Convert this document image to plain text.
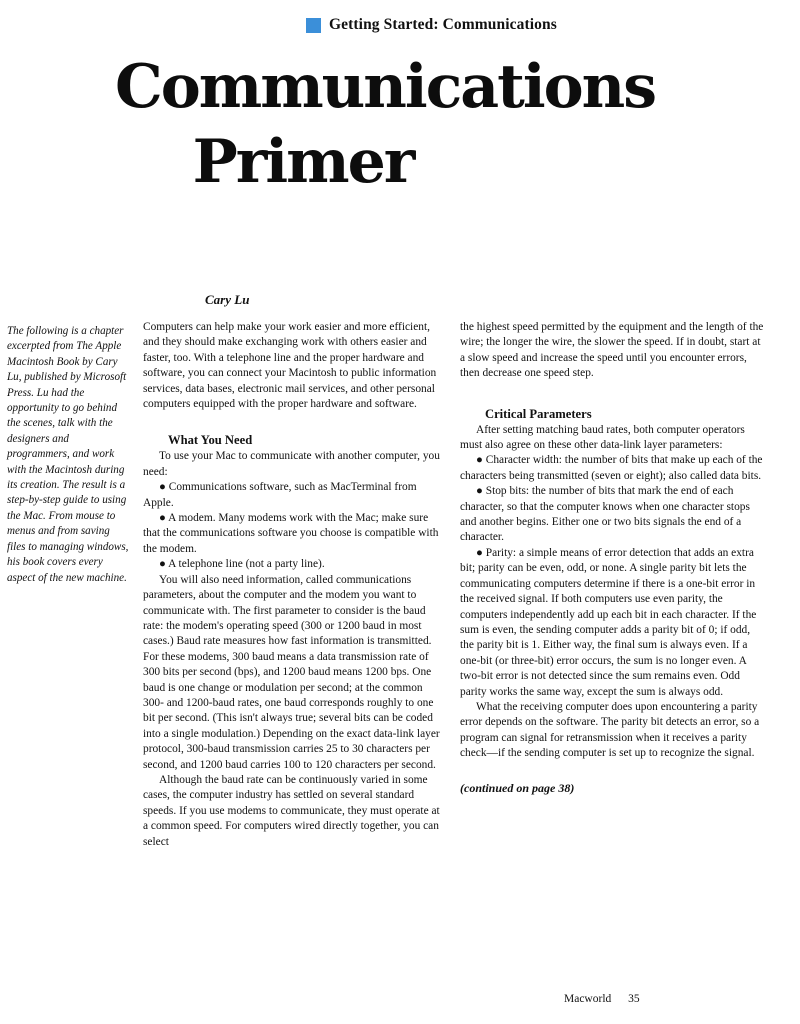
Getting Started: Communications
Communications
Primer
Cary Lu
The following is a chapter excerpted from The Apple Macintosh Book by Cary Lu, published by Microsoft Press. Lu had the opportunity to go behind the scenes, talk with the designers and programmers, and work with the Macintosh during its creation. The result is a step-by-step guide to using the Mac. From mouse to menus and from saving files to managing windows, his book covers every aspect of the new machine.

Computers can help make your work easier and more efficient, and they should make exchanging work with others easier and faster, too. With a telephone line and the proper hardware and software, you can connect your Macintosh to public information services, data bases, electronic mail services, and other personal computers equipped with the proper hardware and software.

What You Need

To use your Mac to communicate with another computer, you need:

● Communications software, such as MacTerminal from Apple.

● A modem. Many modems work with the Mac; make sure that the communications software you choose is compatible with the modem.

● A telephone line (not a party line).

You will also need information, called communications parameters, about the computer and the modem you want to communicate with. The first parameter to consider is the baud rate: the modem's operating speed (300 or 1200 baud in most cases.) Baud rate measures how fast information is transmitted. For these modems, 300 baud means a data transmission rate of 300 bits per second (bps), and 1200 baud means 1200 bps. One baud is one change or modulation per second; at the common 300- and 1200-baud rates, one baud corresponds roughly to one bit per second. (This isn't always true; several bits can be coded into a single modulation.) Depending on the exact data-link layer protocol, 300-baud transmission carries 25 to 30 characters per second, and 1200 baud carries 100 to 120 characters per second.

Although the baud rate can be continuously varied in some cases, the computer industry has settled on several standard speeds. If you use modems to communicate, they must operate at a common speed. For computers wired directly together, you can select

the highest speed permitted by the equipment and the length of the wire; the longer the wire, the slower the speed. If in doubt, start at a slow speed and increase the speed until you encounter errors, then decrease one speed step.

Critical Parameters

After setting matching baud rates, both computer operators must also agree on these other data-link layer parameters:

● Character width: the number of bits that make up each of the characters being transmitted (seven or eight); also called data bits.

● Stop bits: the number of bits that mark the end of each character, so that the computer knows when one character stops and another begins. Either one or two bits signals the end of a character.

● Parity: a simple means of error detection that adds an extra bit; parity can be even, odd, or none. A single parity bit lets the communicating computers determine if there is a one-bit error in the received signal. If both computers use even parity, the computers independently add up each bit in each character. If the sum is even, the sending computer adds a parity bit of 0; if odd, the parity bit is 1. Either way, the final sum is always even. If a one-bit (or three-bit) error occurs, the sum is no longer even. A two-bit error is not detected since the sum remains even. Odd parity works the same way, except the sum is always odd.

What the receiving computer does upon encountering a parity error depends on the software. The parity bit detects an error, so a program can signal for retransmission when it receives a parity check—if the sending computer is set up to recognize the signal.

(continued on page 38)
Macworld 35
